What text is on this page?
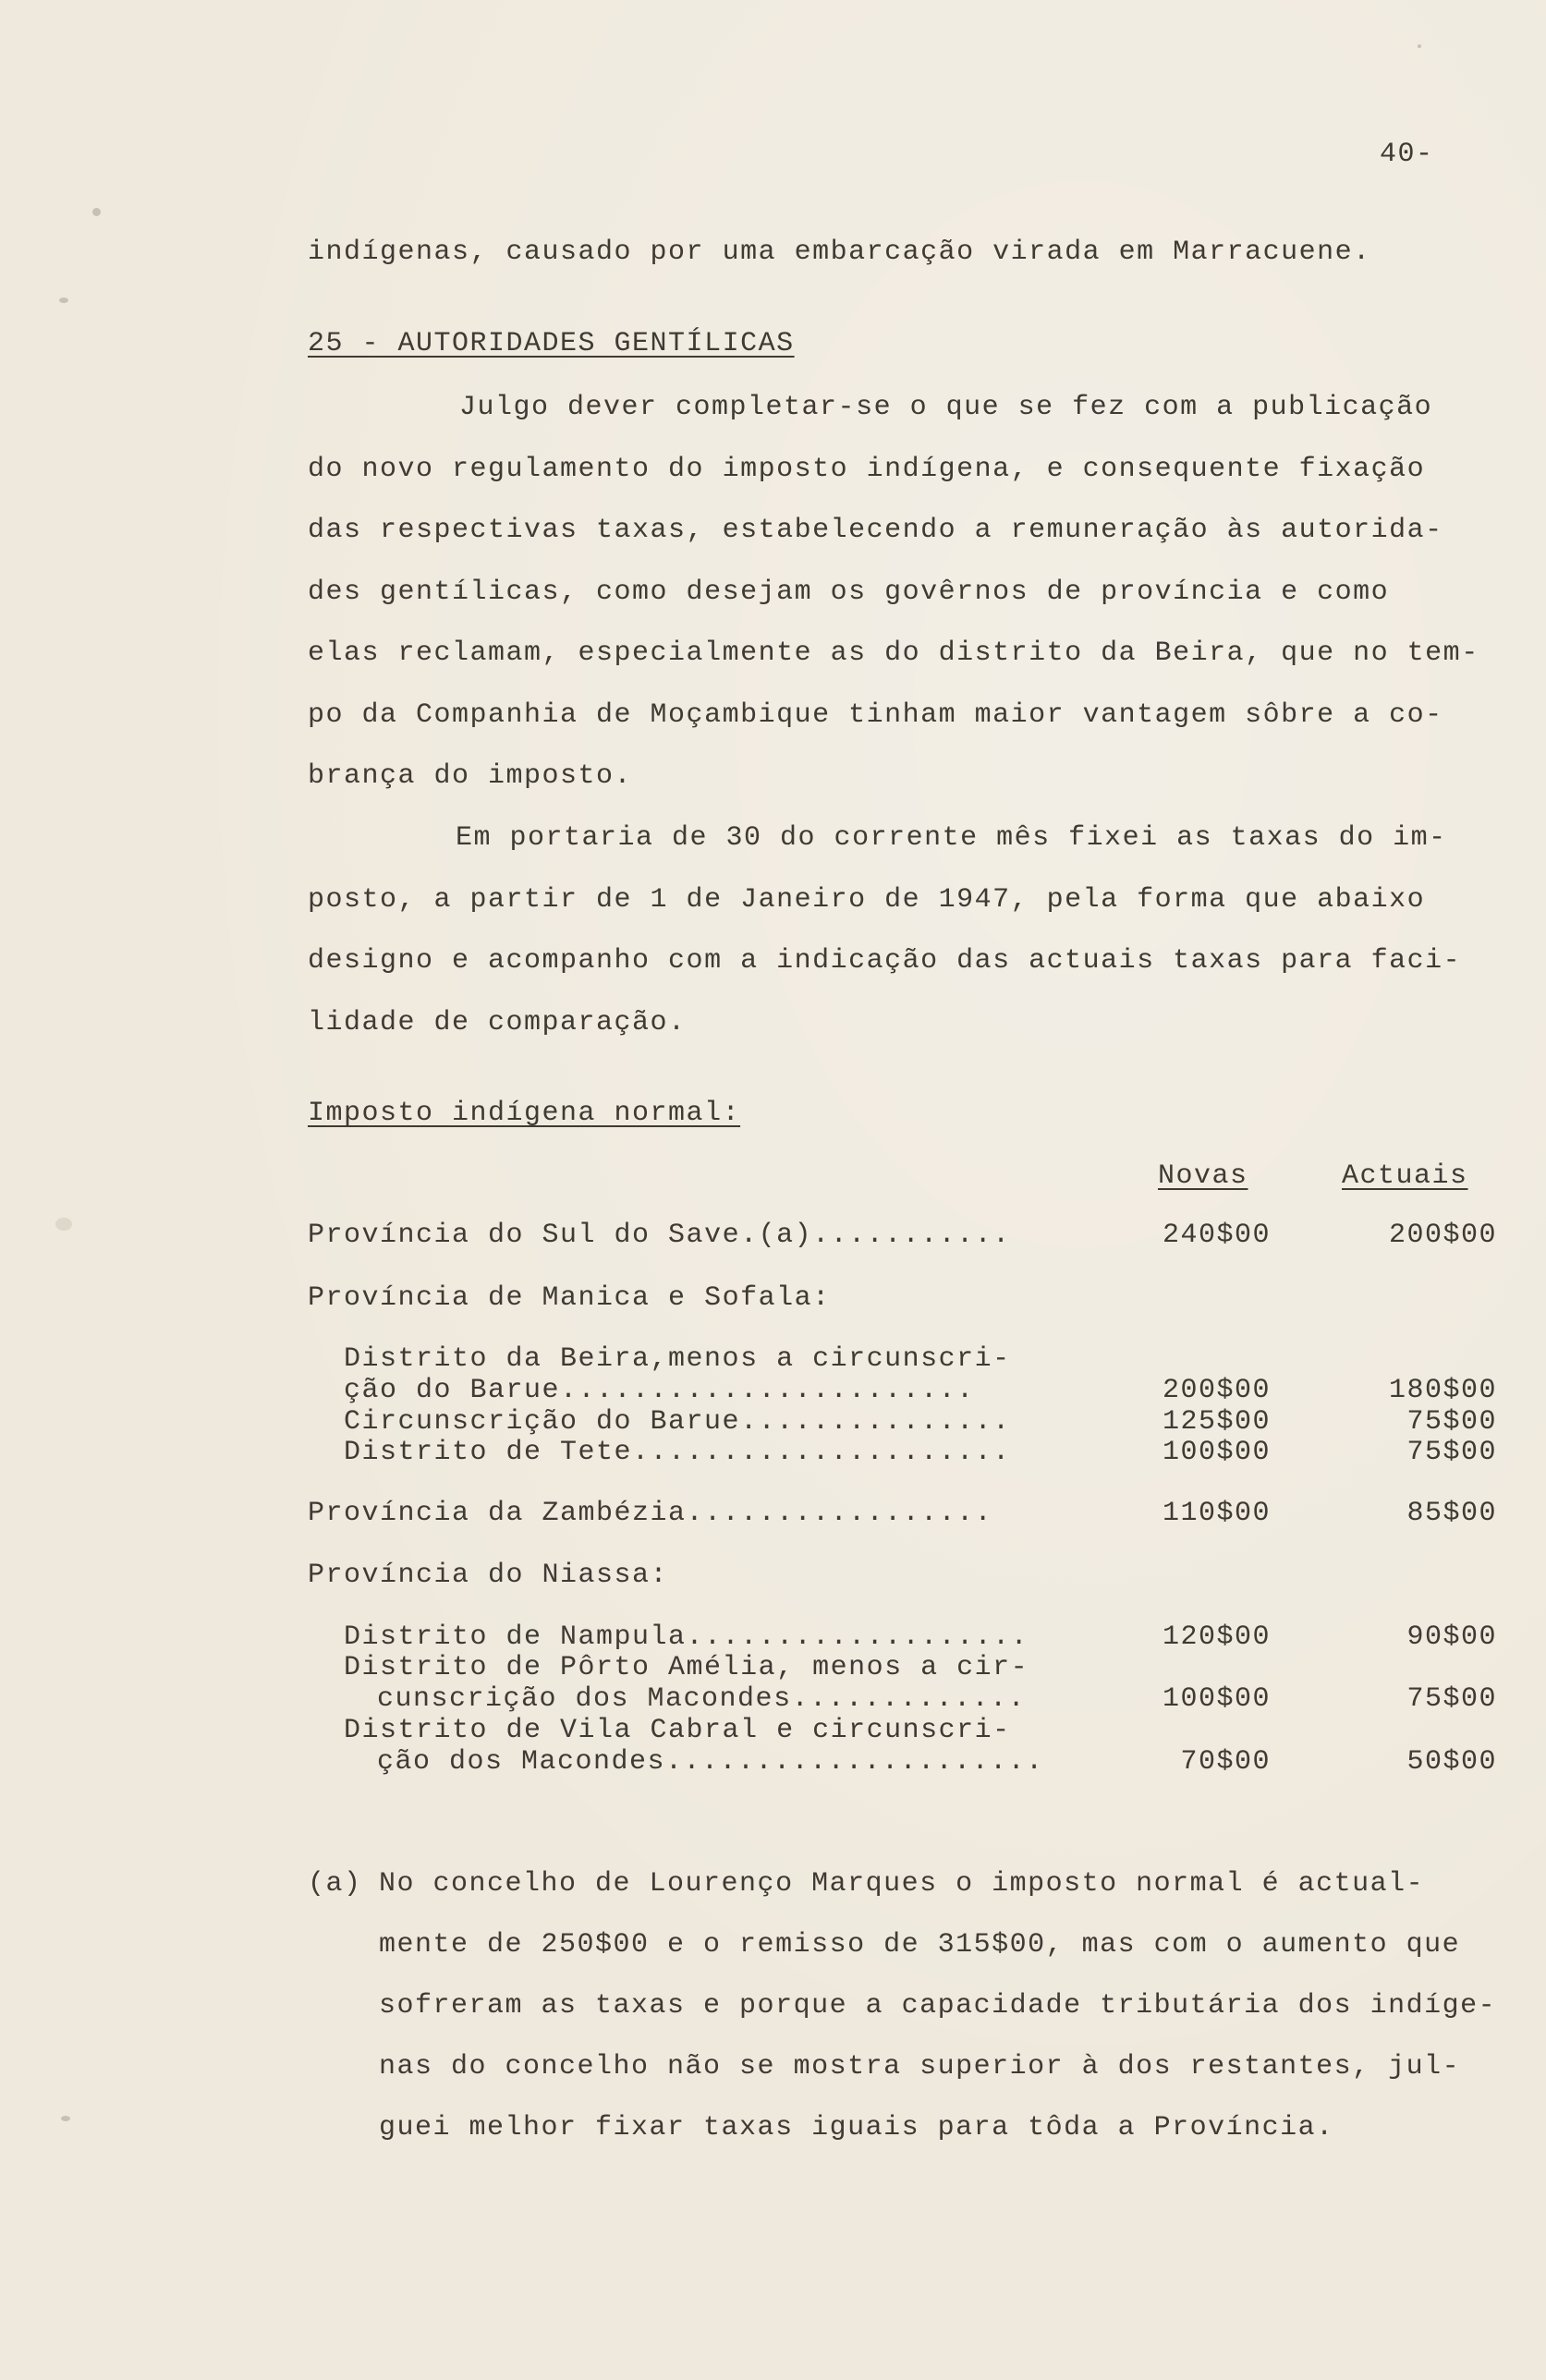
40-
indígenas, causado por uma embarcação virada em Marracuene.
25 - AUTORIDADES GENTÍLICAS
Julgo dever completar-se o que se fez com a publicação
do novo regulamento do imposto indígena, e consequente fixação
das respectivas taxas, estabelecendo a remuneração às autorida-
des gentílicas, como desejam os govêrnos de província e como
elas reclamam, especialmente as do distrito da Beira, que no tem-
po da Companhia de Moçambique tinham maior vantagem sôbre a co-
brança do imposto.
Em portaria de 30 do corrente mês fixei as taxas do im-
posto, a partir de 1 de Janeiro de 1947, pela forma que abaixo
designo e acompanho com a indicação das actuais taxas para faci-
lidade de comparação.
Imposto indígena normal:
Novas	Actuais
Província do Sul do Save.(a)...........	240$00	200$00
Província de Manica e Sofala:
Distrito da Beira,menos a circunscri-
ção do Barue.......................	200$00	180$00
Circunscrição do Barue...............	125$00	75$00
Distrito de Tete.....................	100$00	75$00
Província da Zambézia.................	110$00	85$00
Província do Niassa:
Distrito de Nampula...................	120$00	90$00
Distrito de Pôrto Amélia, menos a cir-
cunscrição dos Macondes.............	100$00	75$00
Distrito de Vila Cabral e circunscri-
ção dos Macondes.....................	70$00	50$00
(a) No concelho de Lourenço Marques o imposto normal é actual-
mente de 250$00 e o remisso de 315$00, mas com o aumento que
sofreram as taxas e porque a capacidade tributária dos indíge-
nas do concelho não se mostra superior à dos restantes, jul-
guei melhor fixar taxas iguais para tôda a Província.
